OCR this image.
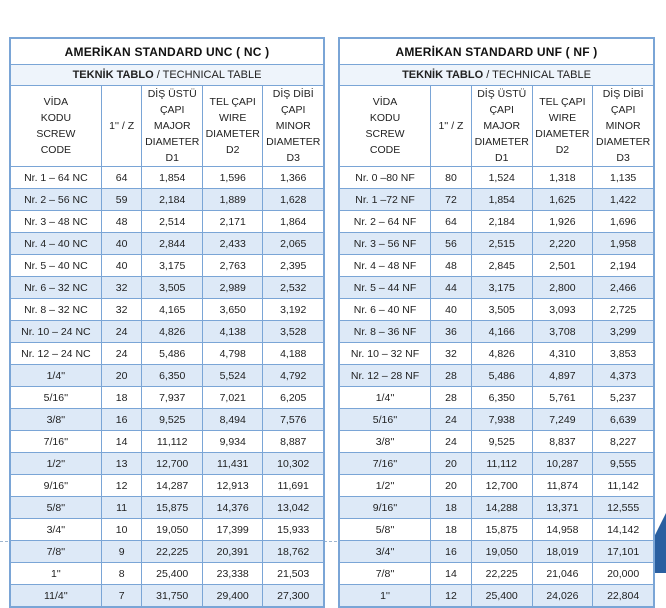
AMERİKAN STANDARD UNC ( NC )				
TEKNİK TABLO / TECHNICAL TABLE				

VİDA
KODU
SCREW
CODE	1'' / Z	DİŞ ÜSTÜ ÇAPI
MAJOR
DIAMETER
D1	TEL ÇAPI
WIRE
DIAMETER
D2	DİŞ DİBİ ÇAPI
MINOR
DIAMETER
D3

Nr. 1 – 64 NC	64	1,854	1,596	1,366
Nr. 2 – 56 NC	59	2,184	1,889	1,628
Nr. 3 – 48 NC	48	2,514	2,171	1,864
Nr. 4 – 40 NC	40	2,844	2,433	2,065
Nr. 5 – 40 NC	40	3,175	2,763	2,395
Nr. 6 – 32 NC	32	3,505	2,989	2,532
Nr. 8 – 32 NC	32	4,165	3,650	3,192
Nr. 10 – 24 NC	24	4,826	4,138	3,528
Nr. 12 – 24 NC	24	5,486	4,798	4,188
1/4''	20	6,350	5,524	4,792
5/16''	18	7,937	7,021	6,205
3/8''	16	9,525	8,494	7,576
7/16''	14	11,112	9,934	8,887
1/2''	13	12,700	11,431	10,302
9/16''	12	14,287	12,913	11,691
5/8''	11	15,875	14,376	13,042
3/4''	10	19,050	17,399	15,933
7/8''	9	22,225	20,391	18,762
1''	8	25,400	23,338	21,503
11/4''	7	31,750	29,400	27,300
AMERİKAN STANDARD UNF ( NF )				
TEKNİK TABLO / TECHNICAL TABLE				

VİDA
KODU
SCREW
CODE	1'' / Z	DİŞ ÜSTÜ ÇAPI
MAJOR
DIAMETER
D1	TEL ÇAPI
WIRE
DIAMETER
D2	DİŞ DİBİ ÇAPI
MINOR
DIAMETER
D3

Nr. 0 –80 NF	80	1,524	1,318	1,135
Nr. 1 –72 NF	72	1,854	1,625	1,422
Nr. 2 – 64 NF	64	2,184	1,926	1,696
Nr. 3 – 56 NF	56	2,515	2,220	1,958
Nr. 4 – 48 NF	48	2,845	2,501	2,194
Nr. 5 – 44 NF	44	3,175	2,800	2,466
Nr. 6 – 40 NF	40	3,505	3,093	2,725
Nr. 8 – 36 NF	36	4,166	3,708	3,299
Nr. 10 – 32 NF	32	4,826	4,310	3,853
Nr. 12 – 28 NF	28	5,486	4,897	4,373
1/4''	28	6,350	5,761	5,237
5/16''	24	7,938	7,249	6,639
3/8''	24	9,525	8,837	8,227
7/16''	20	11,112	10,287	9,555
1/2''	20	12,700	11,874	11,142
9/16''	18	14,288	13,371	12,555
5/8''	18	15,875	14,958	14,142
3/4''	16	19,050	18,019	17,101
7/8''	14	22,225	21,046	20,000
1''	12	25,400	24,026	22,804
